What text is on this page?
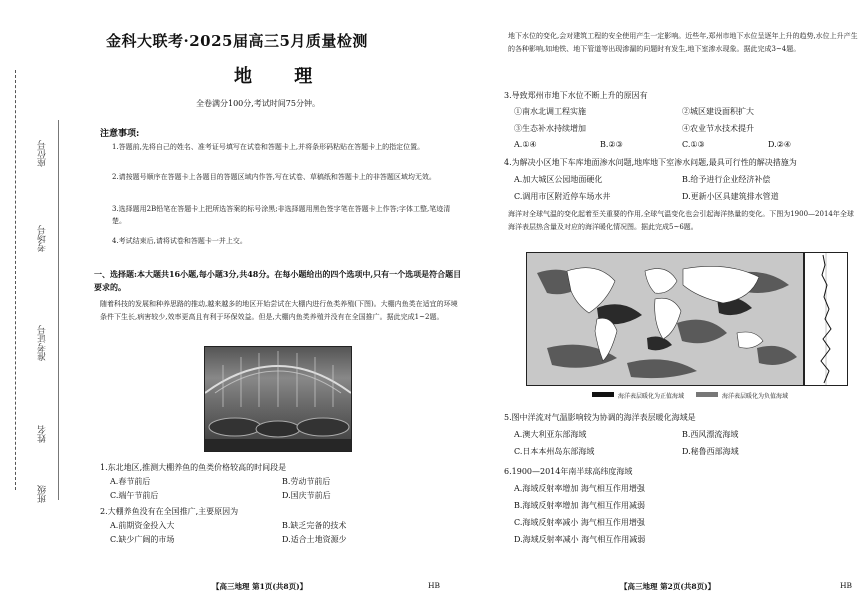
座位号
考场号
准考证号
姓名
班级
金科大联考·2025届高三5月质量检测
地 理
全卷满分100分,考试时间75分钟。
注意事项:
1.答题前,先将自己的姓名、准考证号填写在试卷和答题卡上,并将条形码粘贴在答题卡上的指定位置。
2.请按题号顺序在答题卡上各题目的答题区域内作答,写在试卷、草稿纸和答题卡上的非答题区域均无效。
3.选择题用2B铅笔在答题卡上把所选答案的标号涂黑;非选择题用黑色签字笔在答题卡上作答;字体工整,笔迹清楚。
4.考试结束后,请将试卷和答题卡一并上交。
一、选择题:本大题共16小题,每小题3分,共48分。在每小题给出的四个选项中,只有一个选项是符合题目要求的。
随着科技的发展和种养思路的推动,越来越多的地区开始尝试在大棚内进行鱼类养殖(下图)。大棚内鱼类在适宜的环境条件下生长,病害较少,效率更高且有利于环保效益。但是,大棚内鱼类养殖并没有在全国推广。据此完成1~2题。
1.东北地区,推测大棚养鱼的鱼类价格较高的时间段是
A.春节前后	B.劳动节前后
C.端午节前后	D.国庆节前后
2.大棚养鱼没有在全国推广,主要原因为
A.前期资金投入大	B.缺乏完备的技术
C.缺少广阔的市场	D.适合土地资源少
【高三地理 第1页(共8页)】	HB
地下水位的变化,会对建筑工程的安全使用产生一定影响。近些年,郑州市地下水位呈逐年上升的趋势,水位上升产生的各种影响,如地铁、地下管道等出现渗漏的问题时有发生,地下室渗水现象。据此完成3~4题。
3.导致郑州市地下水位不断上升的原因有
①南水北调工程实施	②城区建设面积扩大
③生态补水持续增加	④农业节水技术提升
A.①④	B.②③	C.①③	D.②④
4.为解决小区地下车库地面渗水问题,地库地下室渗水问题,最具可行性的解决措施为
A.加大城区公园地面硬化	B.给予进行企业经济补偿
C.调用市区附近停车场水井	D.更新小区具建筑排水管道
海洋对全球气温的变化起着至关重要的作用,全球气温变化也会引起海洋热量的变化。下图为1900—2014年全球海洋表层热含量及对应的海洋暖化情况图。据此完成5~6题。
海洋表层暖化为正值海域	海洋表层暖化为负值海域
5.图中洋流对气温影响较为协调的海洋表层暖化海域是
A.澳大利亚东部海域	B.西风漂流海域
C.日本本州岛东部海域	D.秘鲁西部海域
6.1900—2014年南半球高纬度海域
A.海域反射率增加 海气相互作用增强
B.海域反射率增加 海气相互作用减弱
C.海域反射率减小 海气相互作用增强
D.海域反射率减小 海气相互作用减弱
【高三地理 第2页(共8页)】	HB
